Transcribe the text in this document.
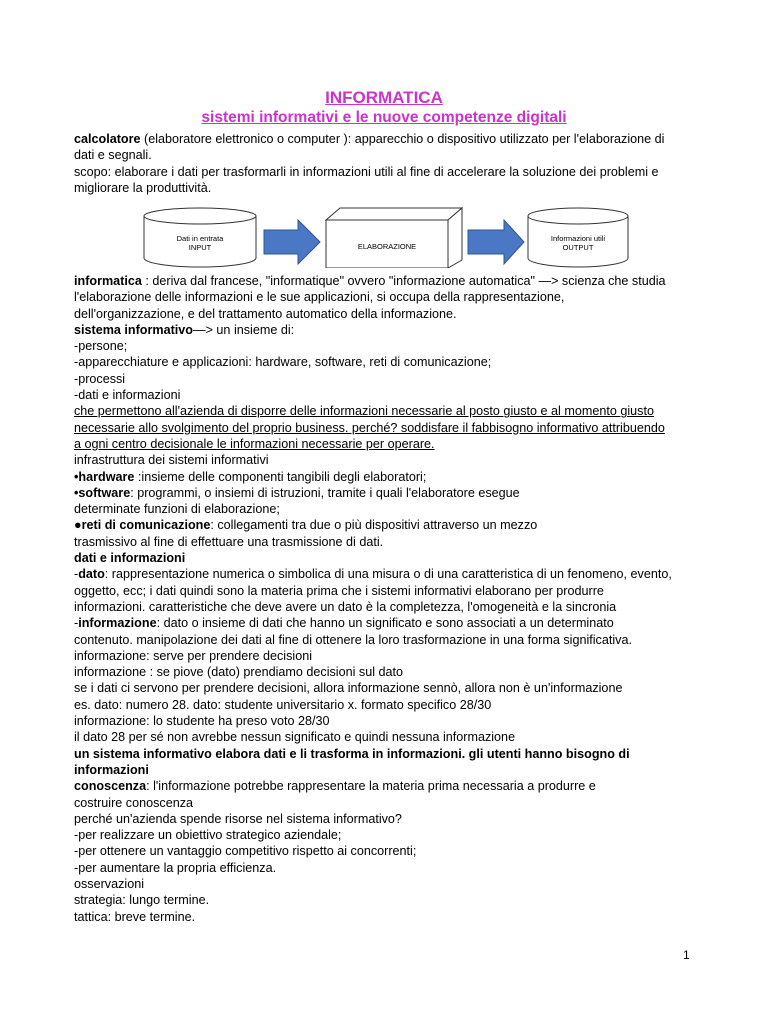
INFORMATICA
sistemi informativi e le nuove competenze digitali

calcolatore (elaboratore elettronico o computer ): apparecchio o dispositivo utilizzato per l'elaborazione di

dati e segnali.

scopo: elaborare i dati per trasformarli in informazioni utili al fine di accelerare la soluzione dei problemi e

migliorare la produttività.

Dati in entrata
INPUT	ELABORAZIONE
Informazioni utili
OUTPUT

informatica : deriva dal francese, "informatique" ovvero "informazione automatica" —> scienza che studia

l'elaborazione delle informazioni e le sue applicazioni, si occupa della rappresentazione,

dell'organizzazione, e del trattamento automatico della informazione.

sistema informativo—> un insieme di:

-persone;

-apparecchiature e applicazioni: hardware, software, reti di comunicazione;

-processi

-dati e informazioni

che permettono all'azienda di disporre delle informazioni necessarie al posto giusto e al momento giusto

necessarie allo svolgimento del proprio business. perché? soddisfare il fabbisogno informativo attribuendo

a ogni centro decisionale le informazioni necessarie per operare.

infrastruttura dei sistemi informativi

•hardware :insieme delle componenti tangibili degli elaboratori;

•software: programmi, o insiemi di istruzioni, tramite i quali l'elaboratore esegue

determinate funzioni di elaborazione;

●reti di comunicazione: collegamenti tra due o più dispositivi attraverso un mezzo

trasmissivo al fine di effettuare una trasmissione di dati.

dati e informazioni

-dato: rappresentazione numerica o simbolica di una misura o di una caratteristica di un fenomeno, evento,

oggetto, ecc; i dati quindi sono la materia prima che i sistemi informativi elaborano per produrre

informazioni. caratteristiche che deve avere un dato è la completezza, l'omogeneità e la sincronia

-informazione: dato o insieme di dati che hanno un significato e sono associati a un determinato

contenuto. manipolazione dei dati al fine di ottenere la loro trasformazione in una forma significativa.

informazione: serve per prendere decisioni

informazione : se piove (dato) prendiamo decisioni sul dato

se i dati ci servono per prendere decisioni, allora informazione sennò, allora non è un'informazione

es. dato: numero 28. dato: studente universitario x. formato specifico 28/30

informazione: lo studente ha preso voto 28/30

il dato 28 per sé non avrebbe nessun significato e quindi nessuna informazione

un sistema informativo elabora dati e li trasforma in informazioni. gli utenti hanno bisogno di

informazioni

conoscenza: l'informazione potrebbe rappresentare la materia prima necessaria a produrre e

costruire conoscenza

perché un'azienda spende risorse nel sistema informativo?

-per realizzare un obiettivo strategico aziendale;

-per ottenere un vantaggio competitivo rispetto ai concorrenti;

-per aumentare la propria efficienza.

osservazioni

strategia: lungo termine.

tattica: breve termine.

1
